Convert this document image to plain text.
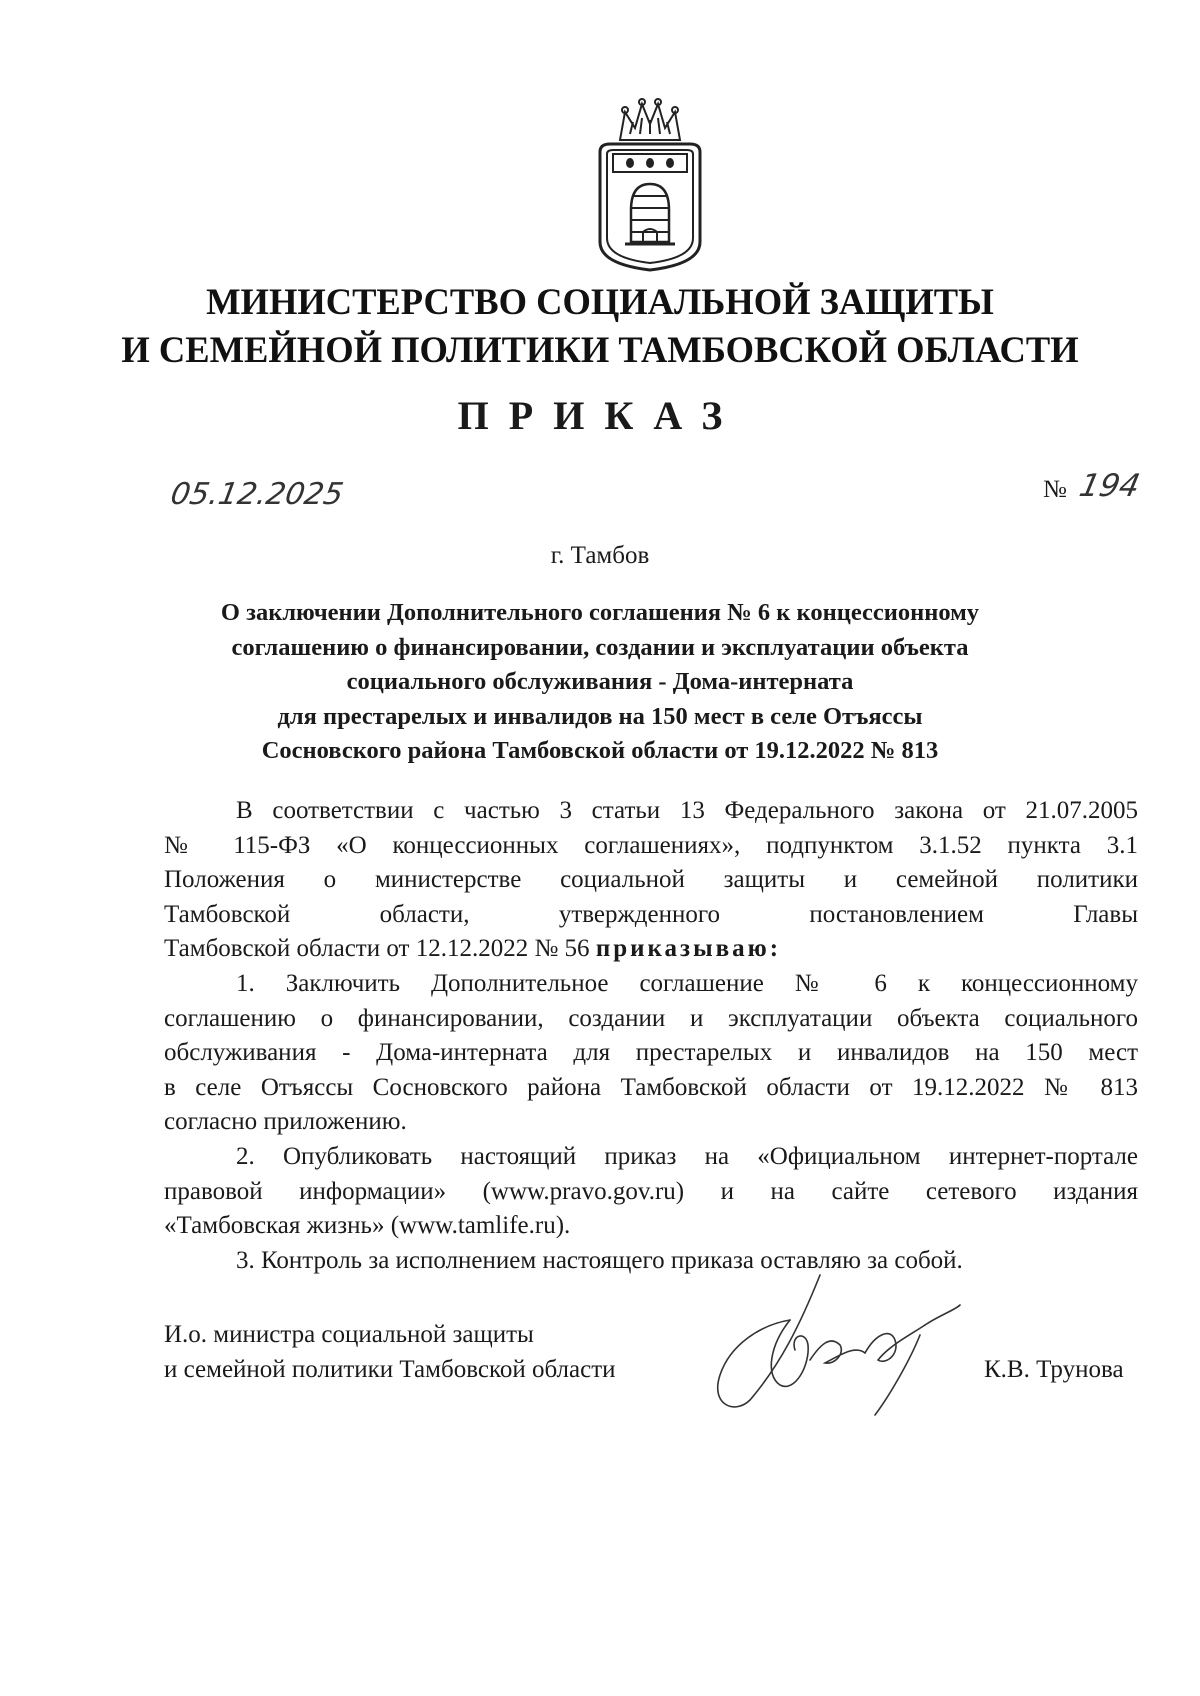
МИНИСТЕРСТВО СОЦИАЛЬНОЙ ЗАЩИТЫ
И СЕМЕЙНОЙ ПОЛИТИКИ ТАМБОВСКОЙ ОБЛАСТИ
ПРИКАЗ
05.12.2025	№ 194
г. Тамбов
О заключении Дополнительного соглашения № 6 к концессионному
соглашению о финансировании, создании и эксплуатации объекта
социального обслуживания - Дома-интерната
для престарелых и инвалидов на 150 мест в селе Отъяссы
Сосновского района Тамбовской области от 19.12.2022 № 813

В соответствии с частью 3 статьи 13 Федерального закона от 21.07.2005

№ 115-ФЗ «О концессионных соглашениях», подпунктом 3.1.52 пункта 3.1

Положения о министерстве социальной защиты и семейной политики

Тамбовской области, утвержденного постановлением Главы

Тамбовской области от 12.12.2022 № 56 приказываю:

1. Заключить Дополнительное соглашение № 6 к концессионному

соглашению о финансировании, создании и эксплуатации объекта социального

обслуживания - Дома-интерната для престарелых и инвалидов на 150 мест

в селе Отъяссы Сосновского района Тамбовской области от 19.12.2022 № 813

согласно приложению.

2. Опубликовать настоящий приказ на «Официальном интернет-портале

правовой информации» (www.pravo.gov.ru) и на сайте сетевого издания

«Тамбовская жизнь» (www.tamlife.ru).

3. Контроль за исполнением настоящего приказа оставляю за собой.

И.о. министра социальной защиты
и семейной политики Тамбовской области	К.В. Трунова
